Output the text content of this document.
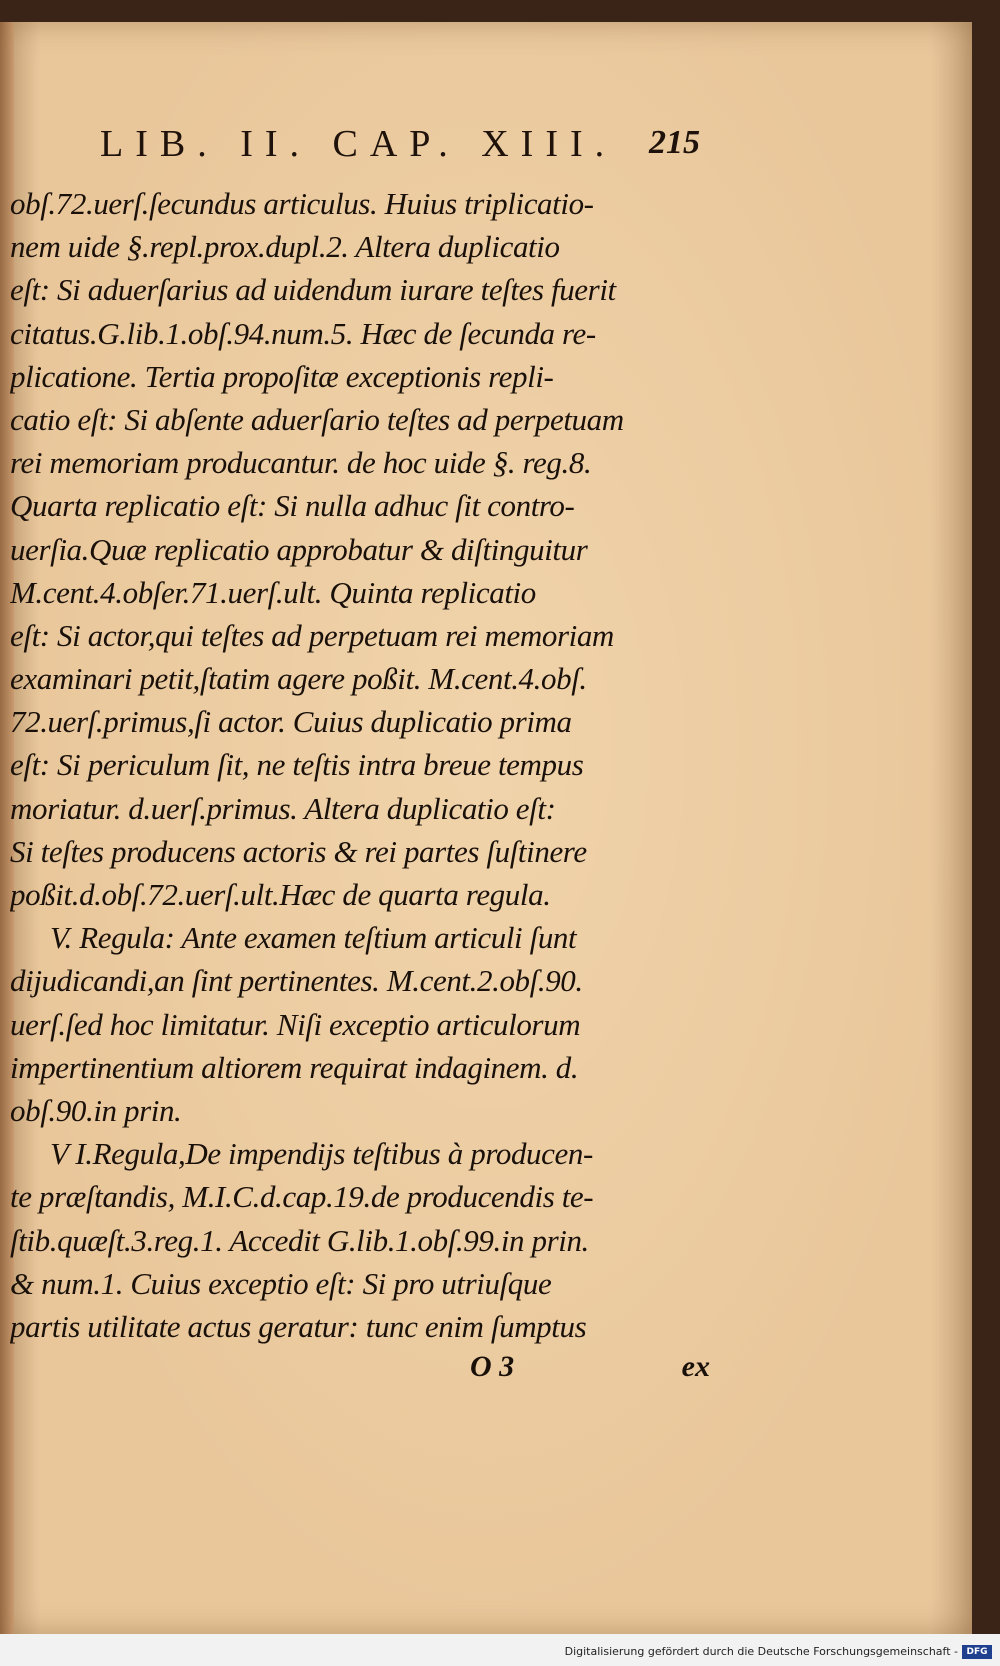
LIB. II. CAP. XIII. 215
obſ.72.uerſ.ſecundus articulus. Huius triplicatio-
nem uide §.repl.prox.dupl.2. Altera duplicatio
eſt: Si aduerſarius ad uidendum iurare teſtes fuerit
citatus.G.lib.1.obſ.94.num.5. Hæc de ſecunda re-
plicatione. Tertia propoſitæ exceptionis repli-
catio eſt: Si abſente aduerſario teſtes ad perpetuam
rei memoriam producantur. de hoc uide §. reg.8.
Quarta replicatio eſt: Si nulla adhuc ſit contro-
uerſia.Quæ replicatio approbatur & diſtinguitur
M.cent.4.obſer.71.uerſ.ult. Quinta replicatio
eſt: Si actor,qui teſtes ad perpetuam rei memoriam
examinari petit,ſtatim agere poßit. M.cent.4.obſ.
72.uerſ.primus,ſi actor. Cuius duplicatio prima
eſt: Si periculum ſit, ne teſtis intra breue tempus
moriatur. d.uerſ.primus. Altera duplicatio eſt:
Si teſtes producens actoris & rei partes ſuſtinere
poßit.d.obſ.72.uerſ.ult.Hæc de quarta regula.
V. Regula: Ante examen teſtium articuli ſunt
dijudicandi,an ſint pertinentes. M.cent.2.obſ.90.
uerſ.ſed hoc limitatur. Niſi exceptio articulorum
impertinentium altiorem requirat indaginem. d.
obſ.90.in prin.
V I.Regula,De impendijs teſtibus à producen-
te præſtandis, M.I.C.d.cap.19.de producendis te-
ſtib.quæſt.3.reg.1. Accedit G.lib.1.obſ.99.in prin.
& num.1. Cuius exceptio eſt: Si pro utriuſque
partis utilitate actus geratur: tunc enim ſumptus
O 3	ex
Digitalisierung gefördert durch die Deutsche Forschungsgemeinschaft - DFG
